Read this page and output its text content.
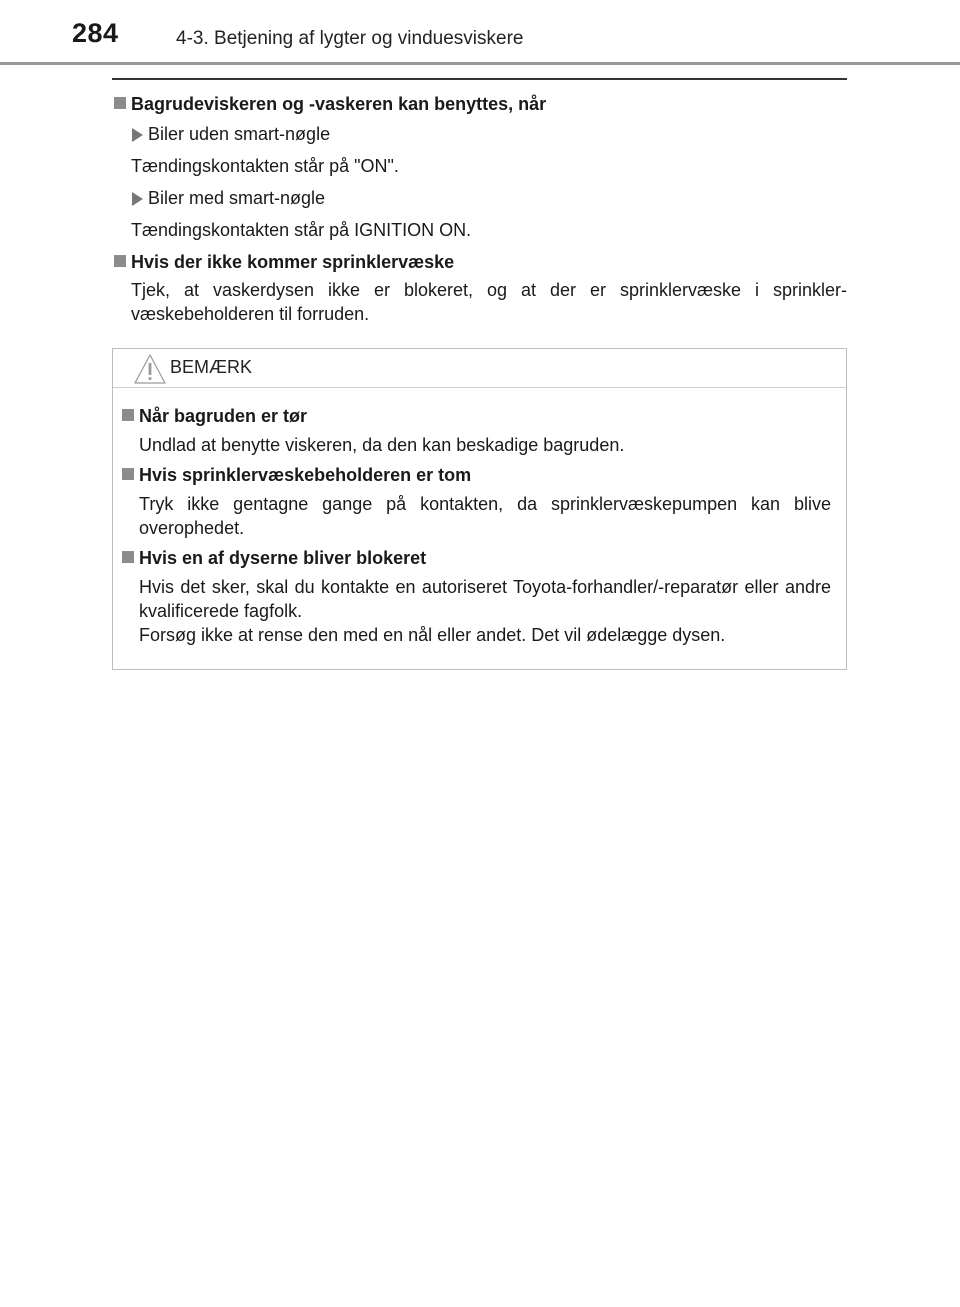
284	4-3. Betjening af lygter og vinduesviskere
Bagrudeviskeren og -vaskeren kan benyttes, når
Biler uden smart-nøgle
Tændingskontakten står på "ON".
Biler med smart-nøgle
Tændingskontakten står på IGNITION ON.
Hvis der ikke kommer sprinklervæske
Tjek, at vaskerdysen ikke er blokeret, og at der er sprinklervæske i sprinkler-væskebeholderen til forruden.
BEMÆRK
Når bagruden er tør
Undlad at benytte viskeren, da den kan beskadige bagruden.
Hvis sprinklervæskebeholderen er tom
Tryk ikke gentagne gange på kontakten, da sprinklervæskepumpen kan blive overophedet.
Hvis en af dyserne bliver blokeret
Hvis det sker, skal du kontakte en autoriseret Toyota-forhandler/-reparatør eller andre kvalificerede fagfolk.
Forsøg ikke at rense den med en nål eller andet. Det vil ødelægge dysen.
